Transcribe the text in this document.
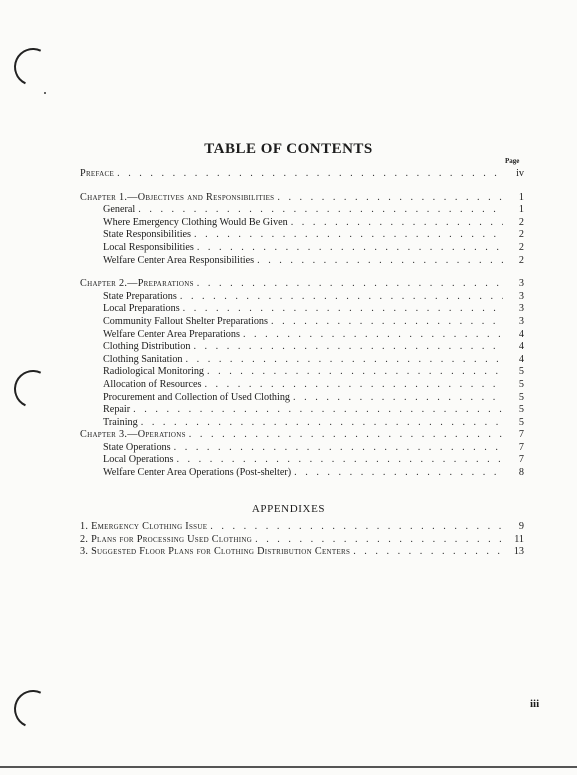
TABLE OF CONTENTS
Page
Preface . . .	iv
Chapter 1.—Objectives and Responsibilities . . .	1
General . . .	1
Where Emergency Clothing Would Be Given . . .	2
State Responsibilities . . .	2
Local Responsibilities . . .	2
Welfare Center Area Responsibilities . . .	2
Chapter 2.—Preparations . . .	3
State Preparations . . .	3
Local Preparations . . .	3
Community Fallout Shelter Preparations . . .	3
Welfare Center Area Preparations . . .	4
Clothing Distribution . . .	4
Clothing Sanitation . . .	4
Radiological Monitoring . . .	5
Allocation of Resources . . .	5
Procurement and Collection of Used Clothing . . .	5
Repair . . .	5
Training . . .	5
Chapter 3.—Operations . . .	7
State Operations . . .	7
Local Operations . . .	7
Welfare Center Area Operations (Post-shelter) . . .	8
APPENDIXES
1. Emergency Clothing Issue . . .	9
2. Plans for Processing Used Clothing . . .	11
3. Suggested Floor Plans for Clothing Distribution Centers . . .	13
iii
